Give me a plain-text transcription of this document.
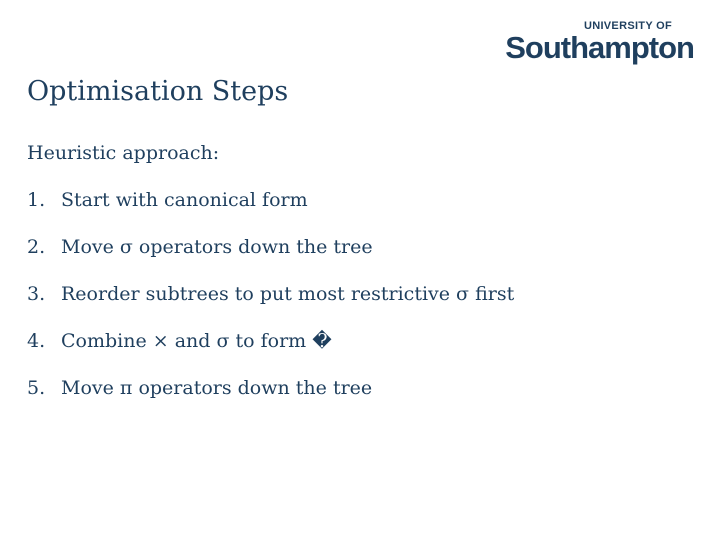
UNIVERSITY OF
Southampton
Optimisation Steps

Heuristic approach:

1. Start with canonical form
2. Move σ operators down the tree
3. Reorder subtrees to put most restrictive σ first
4. Combine × and σ to form �
5. Move π operators down the tree
